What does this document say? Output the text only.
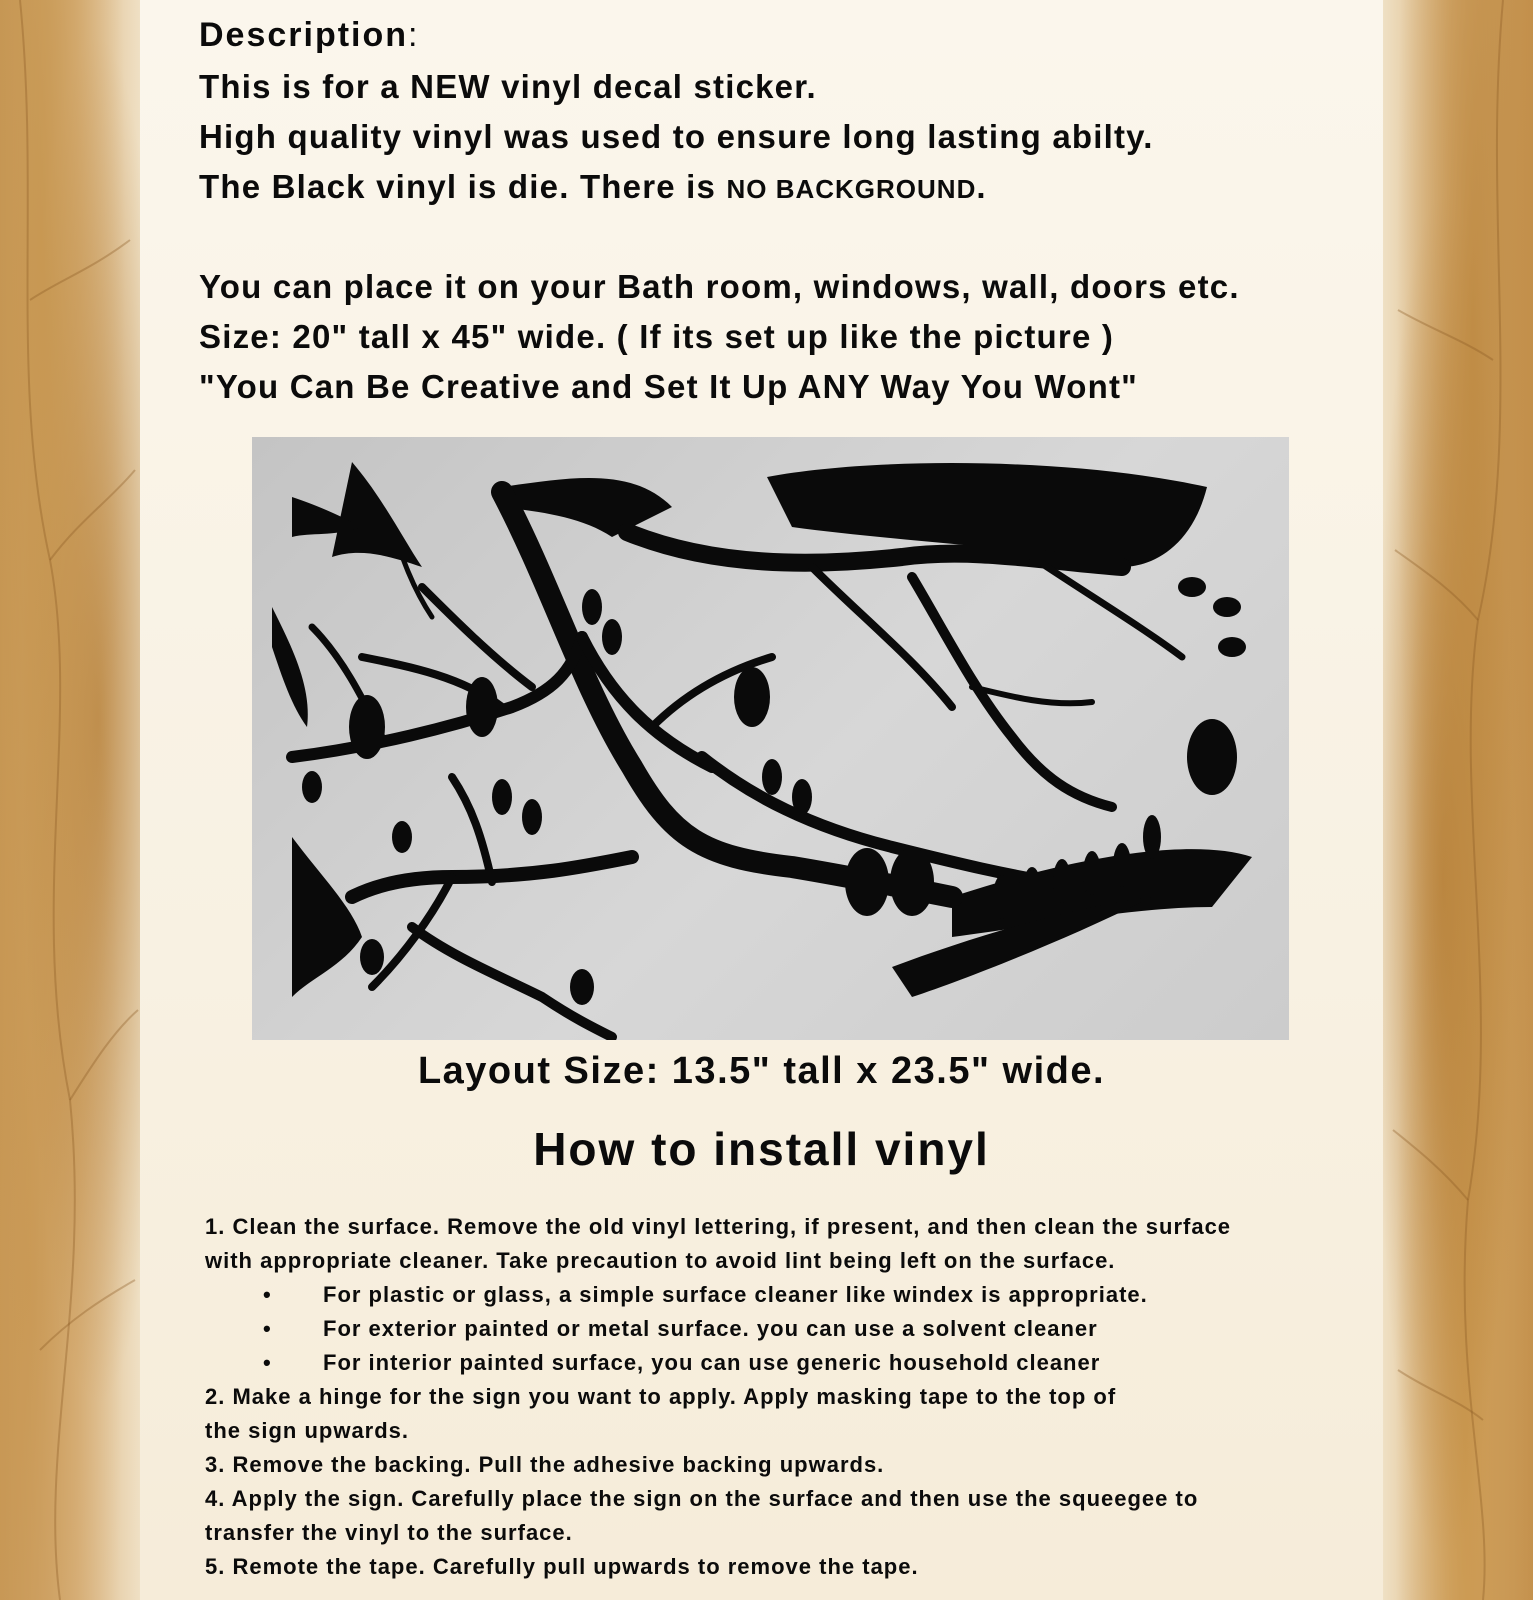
Description:
This is for a NEW vinyl decal sticker.
High quality vinyl was used to ensure long lasting abilty.
The Black vinyl is die. There is NO BACKGROUND.
You can place it on your Bath room, windows, wall, doors etc.
Size: 20" tall x 45" wide. ( If its set up like the picture )
"You Can Be Creative and Set It Up ANY Way You Wont"
Layout Size: 13.5" tall x 23.5" wide.
How to install vinyl
1. Clean the surface. Remove the old vinyl lettering, if present, and then clean the surface
with appropriate cleaner. Take precaution to avoid lint being left on the surface.
• For plastic or glass, a simple surface cleaner like windex is appropriate.
• For exterior painted or metal surface. you can use a solvent cleaner
• For interior painted surface, you can use generic household cleaner
2. Make a hinge for the sign you want to apply. Apply masking tape to the top of
the sign upwards.
3. Remove the backing. Pull the adhesive backing upwards.
4. Apply the sign. Carefully place the sign on the surface and then use the squeegee to
transfer the vinyl to the surface.
5. Remote the tape. Carefully pull upwards to remove the tape.
